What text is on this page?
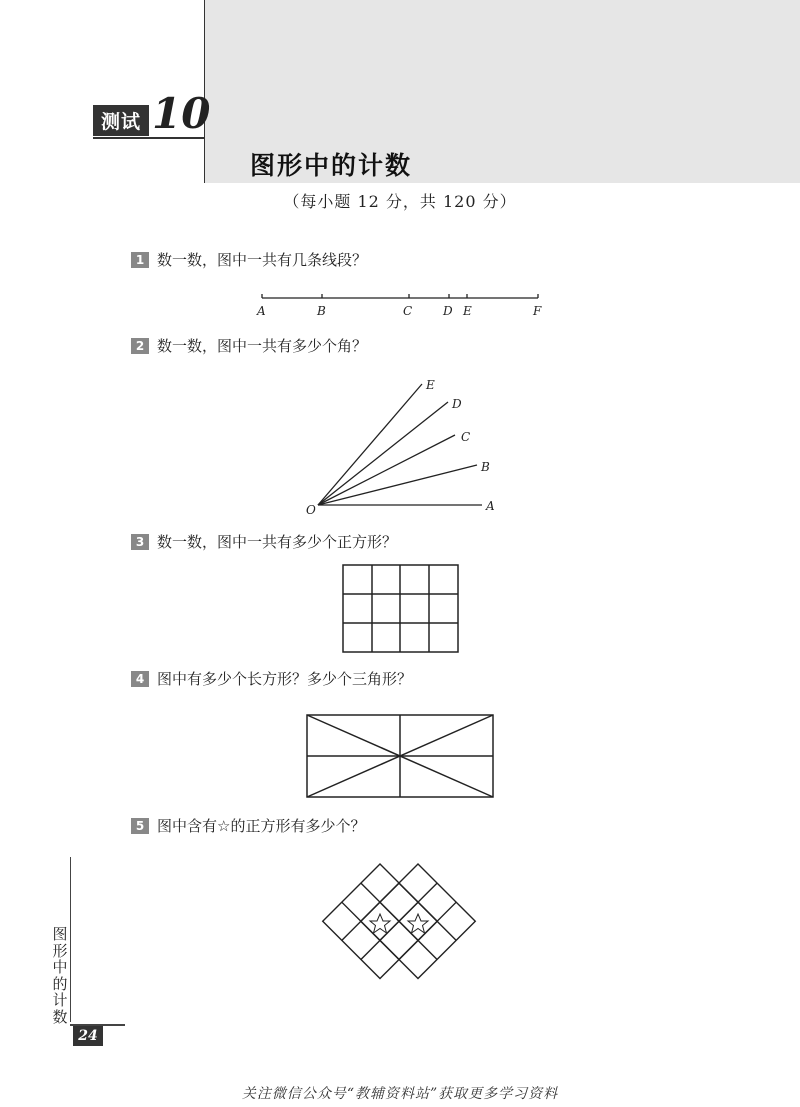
测试 10
图形中的计数
（每小题 12 分，共 120 分）
1 数一数，图中一共有几条线段？
A	B	C	D E	F
2 数一数，图中一共有多少个角？
O	A
B
C
D
E
3 数一数，图中一共有多少个正方形？
4 图中有多少个长方形？多少个三角形？
5 图中含有☆的正方形有多少个？
图形中的计数
24
关注微信公众号“教辅资料站”获取更多学习资料
